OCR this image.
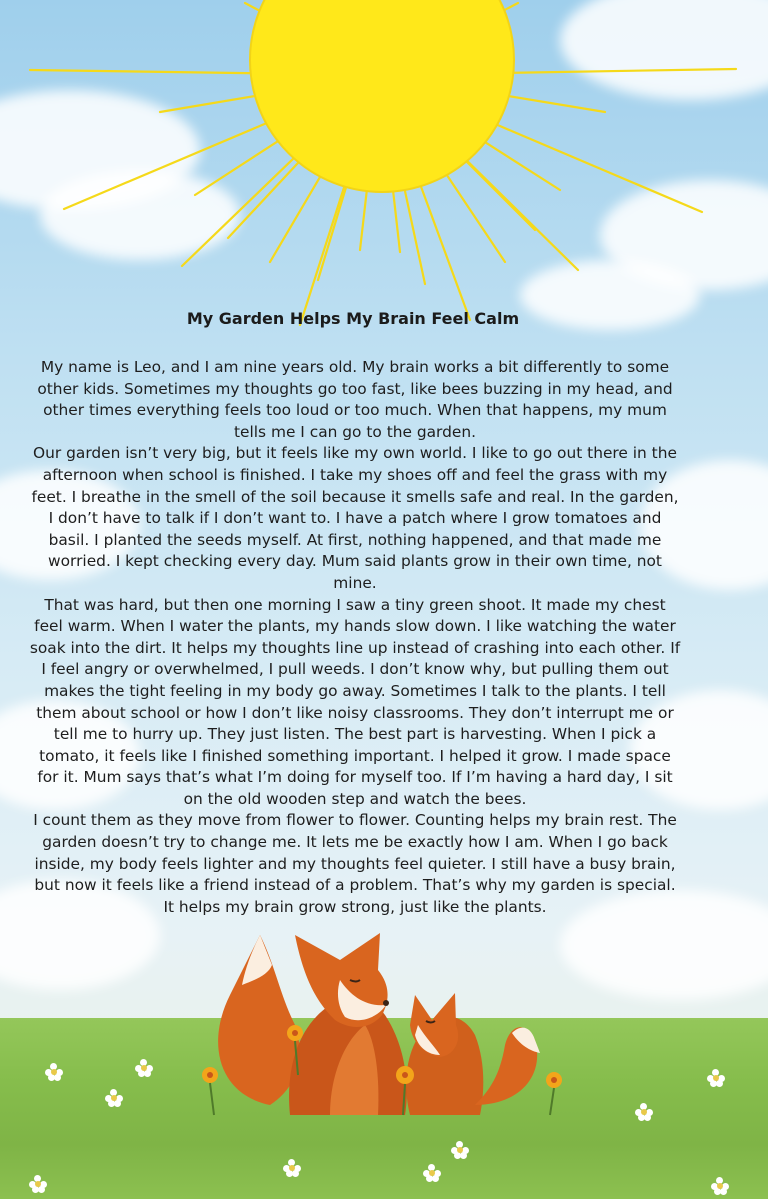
My Garden Helps My Brain Feel Calm

My name is Leo, and I am nine years old. My brain works a bit differently to some other kids. Sometimes my thoughts go too fast, like bees buzzing in my head, and other times everything feels too loud or too much. When that happens, my mum tells me I can go to the garden.

Our garden isn’t very big, but it feels like my own world. I like to go out there in the afternoon when school is finished. I take my shoes off and feel the grass with my feet. I breathe in the smell of the soil because it smells safe and real. In the garden, I don’t have to talk if I don’t want to. I have a patch where I grow tomatoes and basil. I planted the seeds myself. At first, nothing happened, and that made me worried. I kept checking every day. Mum said plants grow in their own time, not mine.

That was hard, but then one morning I saw a tiny green shoot. It made my chest feel warm. When I water the plants, my hands slow down. I like watching the water soak into the dirt. It helps my thoughts line up instead of crashing into each other. If I feel angry or overwhelmed, I pull weeds. I don’t know why, but pulling them out makes the tight feeling in my body go away. Sometimes I talk to the plants. I tell them about school or how I don’t like noisy classrooms. They don’t interrupt me or tell me to hurry up. They just listen. The best part is harvesting. When I pick a tomato, it feels like I finished something important. I helped it grow. I made space for it. Mum says that’s what I’m doing for myself too. If I’m having a hard day, I sit on the old wooden step and watch the bees.

I count them as they move from flower to flower. Counting helps my brain rest. The garden doesn’t try to change me. It lets me be exactly how I am. When I go back inside, my body feels lighter and my thoughts feel quieter. I still have a busy brain, but now it feels like a friend instead of a problem. That’s why my garden is special. It helps my brain grow strong, just like the plants.
